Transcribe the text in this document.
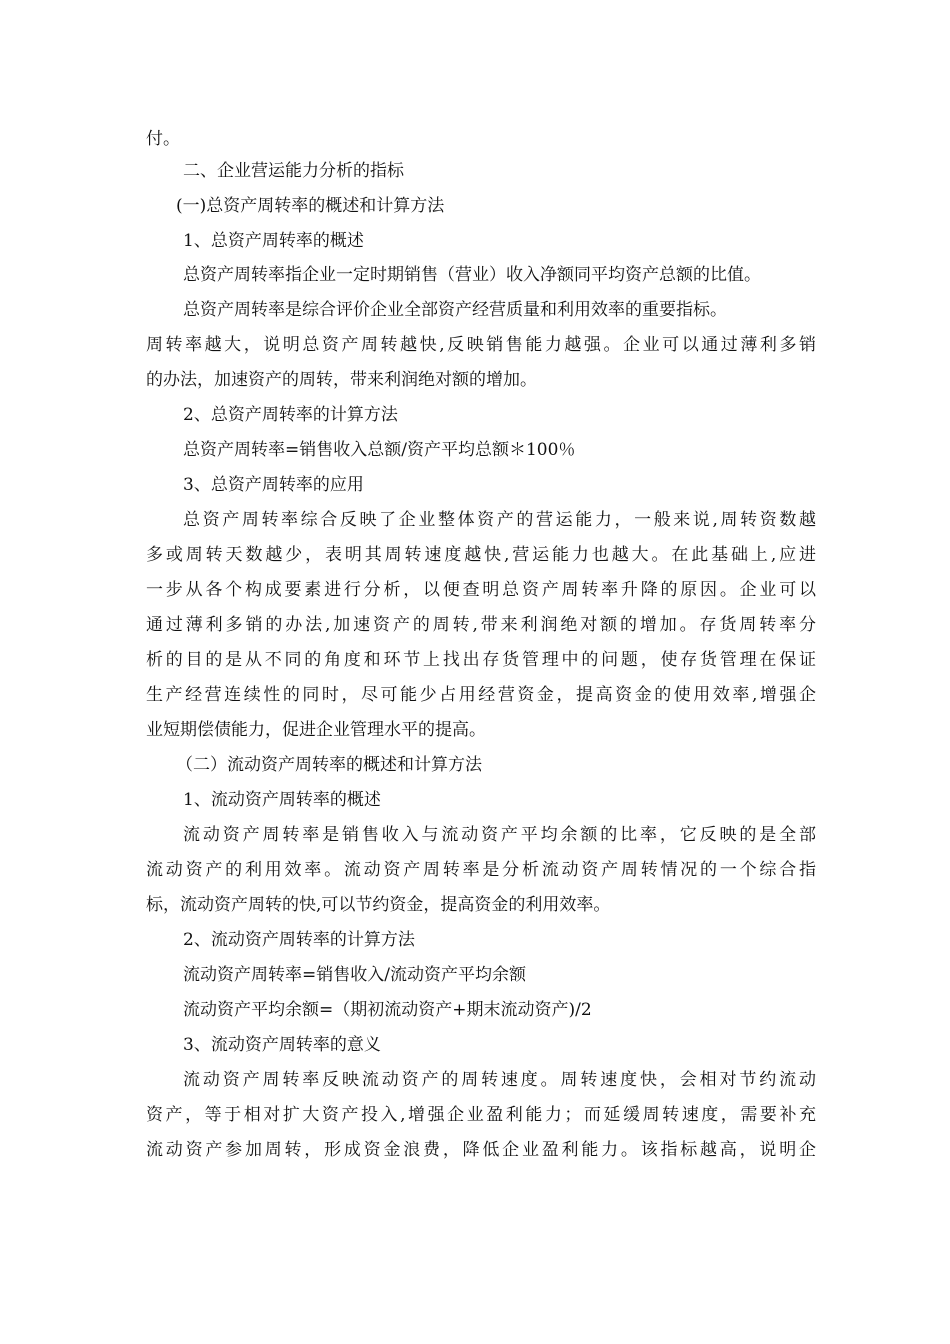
付。
二、企业营运能力分析的指标
(一)总资产周转率的概述和计算方法
1、总资产周转率的概述
总资产周转率指企业一定时期销售（营业）收入净额同平均资产总额的比值。
总资产周转率是综合评价企业全部资产经营质量和利用效率的重要指标。
周转率越大，说明总资产周转越快,反映销售能力越强。企业可以通过薄利多销
的办法，加速资产的周转，带来利润绝对额的增加。
2、总资产周转率的计算方法
总资产周转率=销售收入总额/资产平均总额＊100％
3、总资产周转率的应用
总资产周转率综合反映了企业整体资产的营运能力，一般来说,周转资数越
多或周转天数越少，表明其周转速度越快,营运能力也越大。在此基础上,应进
一步从各个构成要素进行分析，以便查明总资产周转率升降的原因。企业可以
通过薄利多销的办法,加速资产的周转,带来利润绝对额的增加。存货周转率分
析的目的是从不同的角度和环节上找出存货管理中的问题，使存货管理在保证
生产经营连续性的同时，尽可能少占用经营资金，提高资金的使用效率,增强企
业短期偿债能力，促进企业管理水平的提高。
（二）流动资产周转率的概述和计算方法
1、流动资产周转率的概述
流动资产周转率是销售收入与流动资产平均余额的比率，它反映的是全部
流动资产的利用效率。流动资产周转率是分析流动资产周转情况的一个综合指
标，流动资产周转的快,可以节约资金，提高资金的利用效率。
2、流动资产周转率的计算方法
流动资产周转率=销售收入/流动资产平均余额
流动资产平均余额=（期初流动资产+期末流动资产)/2
3、流动资产周转率的意义
流动资产周转率反映流动资产的周转速度。周转速度快，会相对节约流动
资产，等于相对扩大资产投入,增强企业盈利能力；而延缓周转速度，需要补充
流动资产参加周转，形成资金浪费，降低企业盈利能力。该指标越高，说明企
